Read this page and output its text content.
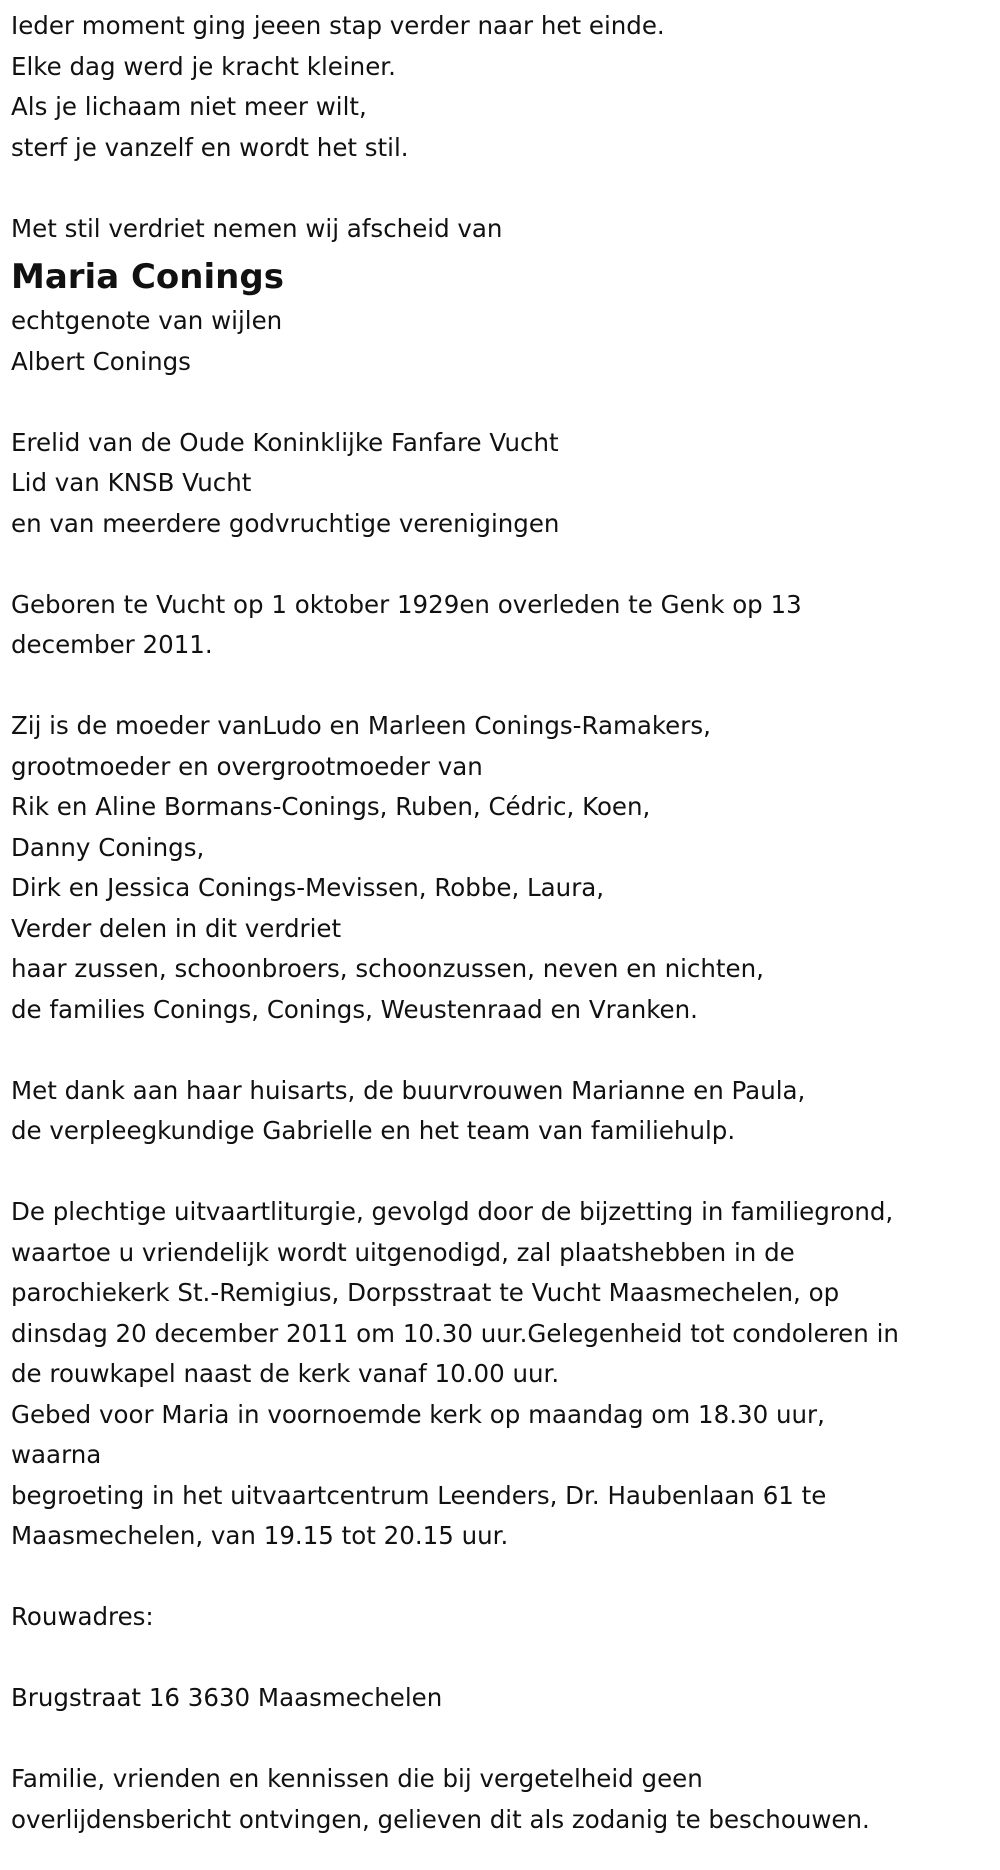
Ieder moment ging jeeen stap verder naar het einde.
Elke dag werd je kracht kleiner.
Als je lichaam niet meer wilt,
sterf je vanzelf en wordt het stil.
Met stil verdriet nemen wij afscheid van
Maria Conings
echtgenote van wijlen
Albert Conings
Erelid van de Oude Koninklijke Fanfare Vucht
Lid van KNSB Vucht
en van meerdere godvruchtige verenigingen
Geboren te Vucht op 1 oktober 1929en overleden te Genk op 13
december 2011.
Zij is de moeder vanLudo en Marleen Conings-Ramakers,
grootmoeder en overgrootmoeder van
Rik en Aline Bormans-Conings, Ruben, Cédric, Koen,
Danny Conings,
Dirk en Jessica Conings-Mevissen, Robbe, Laura,
Verder delen in dit verdriet
haar zussen, schoonbroers, schoonzussen, neven en nichten,
de families Conings, Conings, Weustenraad en Vranken.
Met dank aan haar huisarts, de buurvrouwen Marianne en Paula,
de verpleegkundige Gabrielle en het team van familiehulp.
De plechtige uitvaartliturgie, gevolgd door de bijzetting in familiegrond,
waartoe u vriendelijk wordt uitgenodigd, zal plaatshebben in de
parochiekerk St.-Remigius, Dorpsstraat te Vucht Maasmechelen, op
dinsdag 20 december 2011 om 10.30 uur.Gelegenheid tot condoleren in
de rouwkapel naast de kerk vanaf 10.00 uur.
Gebed voor Maria in voornoemde kerk op maandag om 18.30 uur,
waarna
begroeting in het uitvaartcentrum Leenders, Dr. Haubenlaan 61 te
Maasmechelen, van 19.15 tot 20.15 uur.
Rouwadres:
Brugstraat 16 3630 Maasmechelen
Familie, vrienden en kennissen die bij vergetelheid geen
overlijdensbericht ontvingen, gelieven dit als zodanig te beschouwen.
